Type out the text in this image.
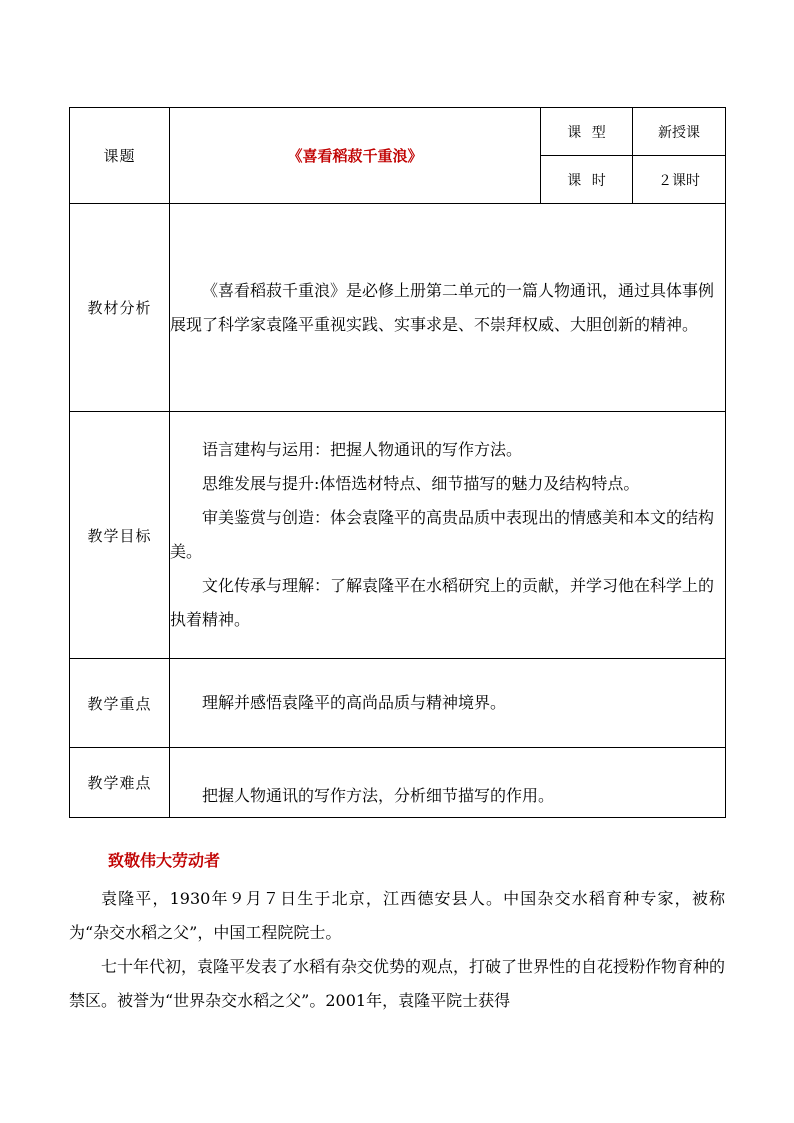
课题	《喜看稻菽千重浪》	课 型	新授课
		课 时	２课时
教材分析	《喜看稻菽千重浪》是必修上册第二单元的一篇人物通讯，通过具体事例展现了科学家袁隆平重视实践、实事求是、不崇拜权威、大胆创新的精神。		

教学目标	语言建构与运用：把握人物通讯的写作方法。

思维发展与提升:体悟选材特点、细节描写的魅力及结构特点。

审美鉴赏与创造：体会袁隆平的高贵品质中表现出的情感美和本文的结构美。

文化传承与理解：了解袁隆平在水稻研究上的贡献，并学习他在科学上的执着精神。		

教学重点	理解并感悟袁隆平的高尚品质与精神境界。		

教学难点	把握人物通讯的写作方法，分析细节描写的作用。		

致敬伟大劳动者

袁隆平，1930年９月７日生于北京，江西德安县人。中国杂交水稻育种专家，被称为“杂交水稻之父”，中国工程院院士。

七十年代初，袁隆平发表了水稻有杂交优势的观点，打破了世界性的自花授粉作物育种的禁区。被誉为“世界杂交水稻之父”。2001年，袁隆平院士获得
